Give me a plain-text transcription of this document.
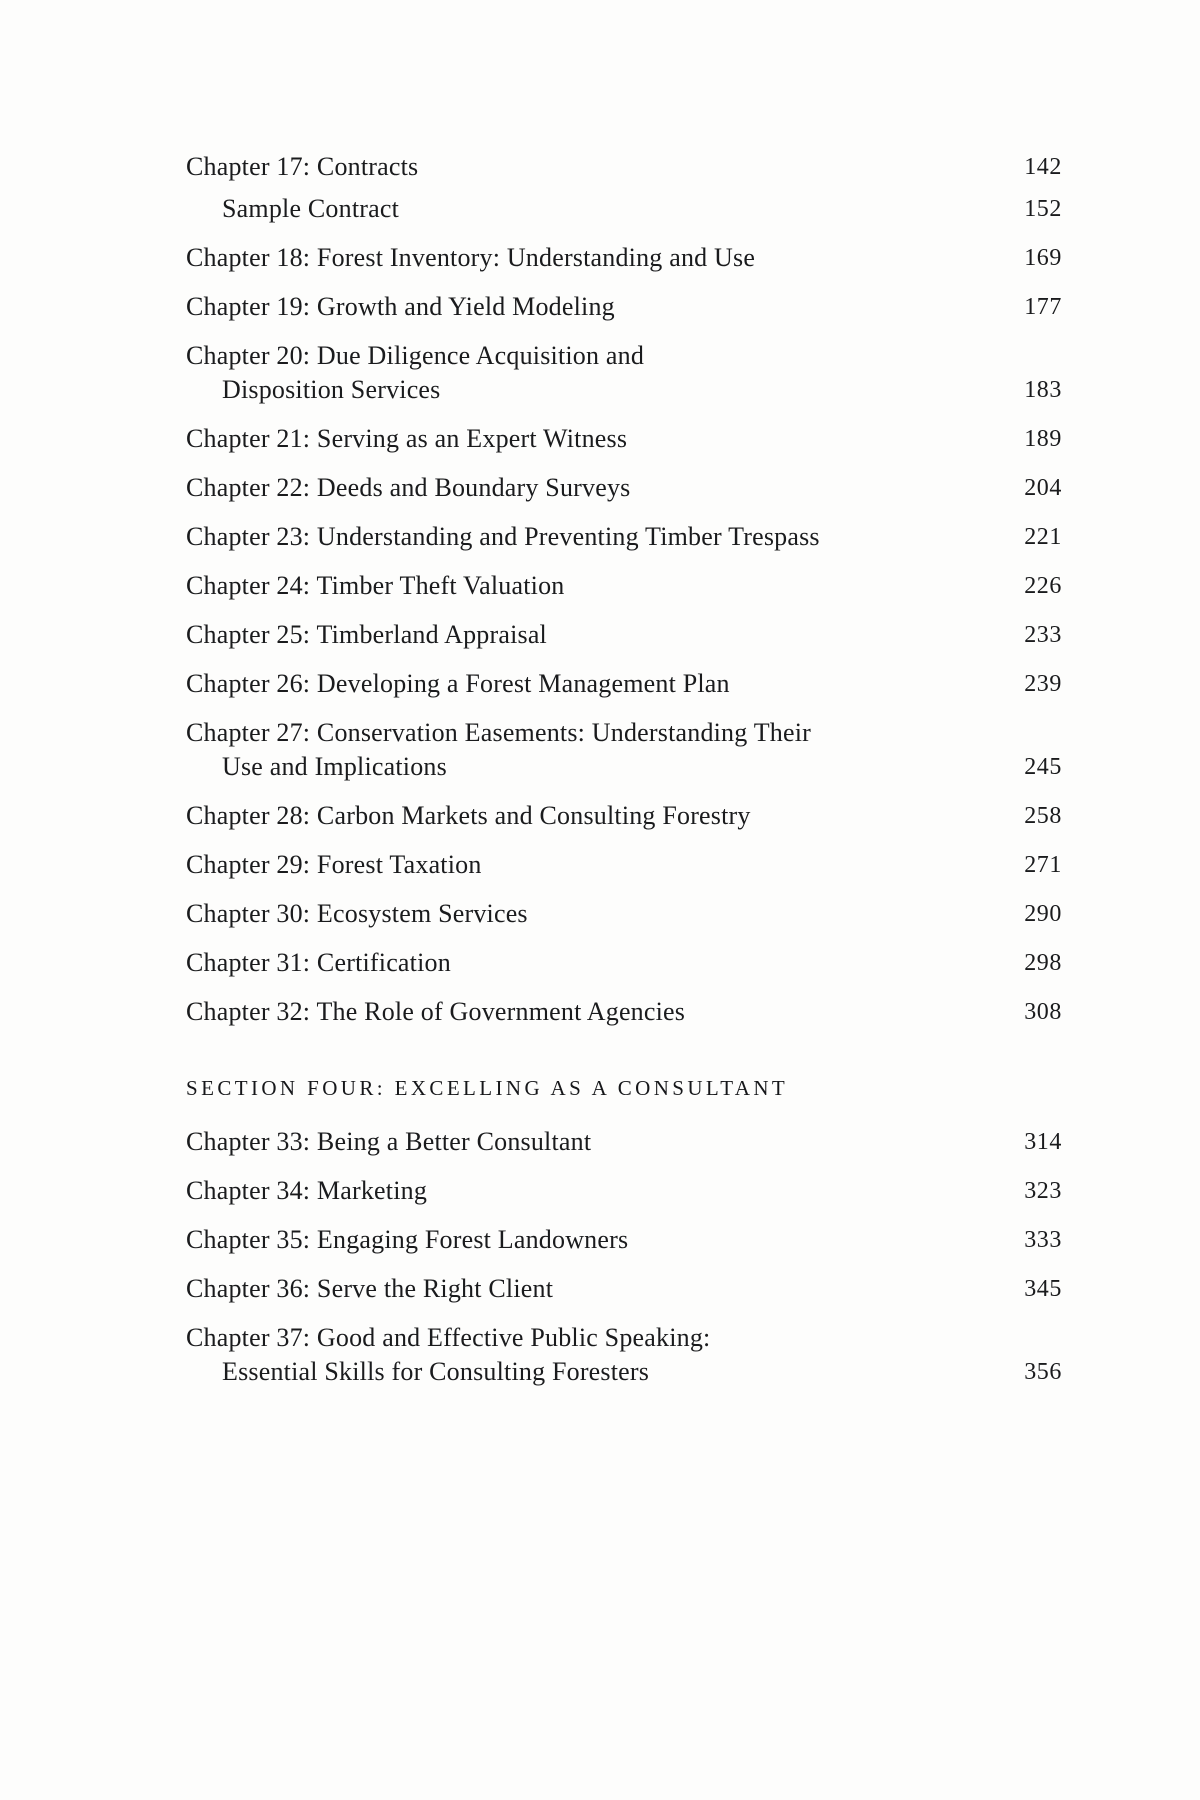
Chapter 17: Contracts	142
Sample Contract	152
Chapter 18: Forest Inventory: Understanding and Use	169
Chapter 19: Growth and Yield Modeling	177
Chapter 20: Due Diligence Acquisition and
Disposition Services	183
Chapter 21: Serving as an Expert Witness	189
Chapter 22: Deeds and Boundary Surveys	204
Chapter 23: Understanding and Preventing Timber Trespass	221
Chapter 24: Timber Theft Valuation	226
Chapter 25: Timberland Appraisal	233
Chapter 26: Developing a Forest Management Plan	239
Chapter 27: Conservation Easements: Understanding Their
Use and Implications	245
Chapter 28: Carbon Markets and Consulting Forestry	258
Chapter 29: Forest Taxation	271
Chapter 30: Ecosystem Services	290
Chapter 31: Certification	298
Chapter 32: The Role of Government Agencies	308
SECTION FOUR: EXCELLING AS A CONSULTANT
Chapter 33: Being a Better Consultant	314
Chapter 34: Marketing	323
Chapter 35: Engaging Forest Landowners	333
Chapter 36: Serve the Right Client	345
Chapter 37: Good and Effective Public Speaking:
Essential Skills for Consulting Foresters	356
